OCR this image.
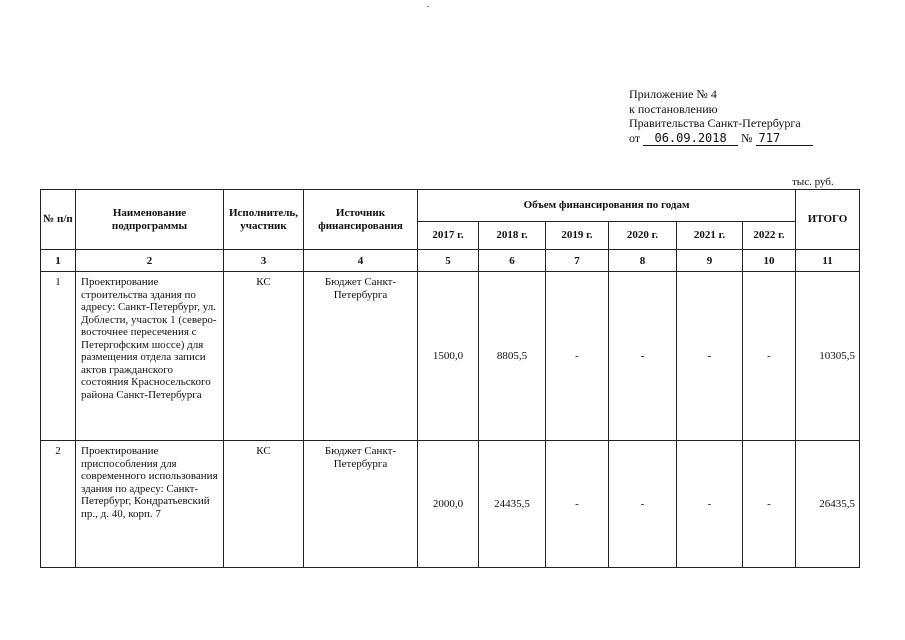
Приложение № 4
к постановлению
Правительства Санкт-Петербурга
от 06.09.2018 № 717
тыс. руб.
№ п/п	Наименование подпрограммы	Исполнитель, участник	Источник финансирования	Объем финансирования по годам						ИТОГО
				2017 г.	2018 г.	2019 г.	2020 г.	2021 г.	2022 г.	
1	2	3	4	5	6	7	8	9	10	11
1	Проектирование строительства здания по адресу: Санкт-Петербург, ул. Доблести, участок 1 (северо-восточнее пересечения с Петергофским шоссе) для размещения отдела записи актов гражданского состояния Красносельского района Санкт-Петербурга	КС	Бюджет Санкт-Петербурга	1500,0	8805,5	-	-	-	-	10305,5
2	Проектирование приспособления для современного использования здания по адресу: Санкт-Петербург, Кондратьевский пр., д. 40, корп. 7	КС	Бюджет Санкт-Петербурга	2000,0	24435,5	-	-	-	-	26435,5
